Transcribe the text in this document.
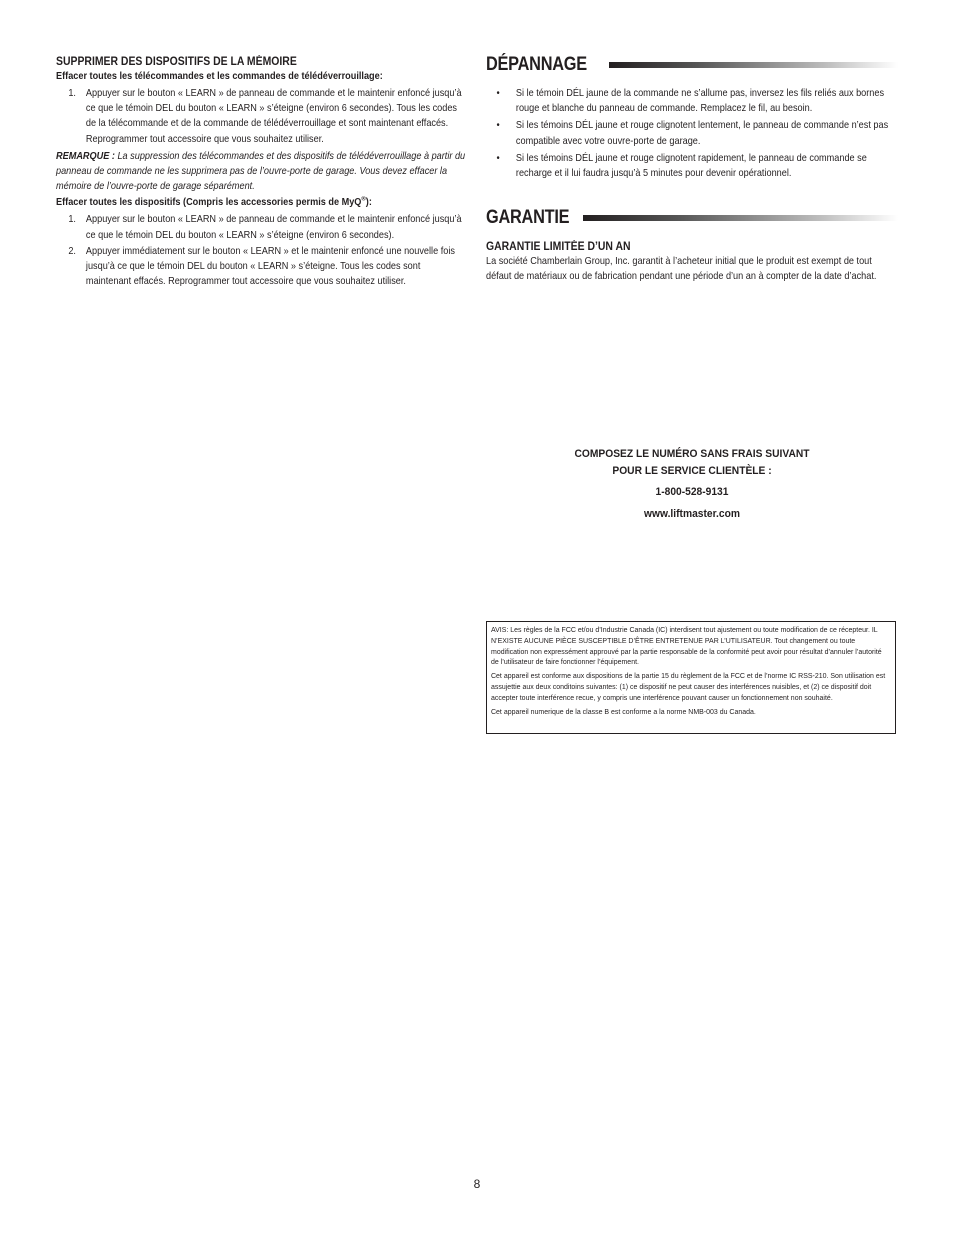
SUPPRIMER DES DISPOSITIFS DE LA MÉMOIRE

Effacer toutes les télécommandes et les commandes de télédéverrouillage:

1. Appuyer sur le bouton « LEARN » de panneau de commande et le maintenir enfoncé jusqu’à ce que le témoin DEL du bouton « LEARN » s’éteigne (environ 6 secondes). Tous les codes de la télécommande et de la commande de télédéverrouillage et sont maintenant effacés. Reprogrammer tout accessoire que vous souhaitez utiliser.

REMARQUE : La suppression des télécommandes et des dispositifs de télédéverrouillage à partir du panneau de commande ne les supprimera pas de l’ouvre-porte de garage. Vous devez effacer la mémoire de l’ouvre-porte de garage séparément.

Effacer toutes les dispositifs (Compris les accessories permis de MyQ®):

1. Appuyer sur le bouton « LEARN » de panneau de commande et le maintenir enfoncé jusqu’à ce que le témoin DEL du bouton « LEARN » s’éteigne (environ 6 secondes).
2. Appuyer immédiatement sur le bouton « LEARN » et le maintenir enfoncé une nouvelle fois jusqu’à ce que le témoin DEL du bouton « LEARN » s’éteigne. Tous les codes sont maintenant effacés. Reprogrammer tout accessoire que vous souhaitez utiliser.
DÉPANNAGE
• Si le témoin DÉL jaune de la commande ne s’allume pas, inversez les fils reliés aux bornes rouge et blanche du panneau de commande. Remplacez le fil, au besoin.
• Si les témoins DÉL jaune et rouge clignotent lentement, le panneau de commande n’est pas compatible avec votre ouvre-porte de garage.
• Si les témoins DÉL jaune et rouge clignotent rapidement, le panneau de commande se recharge et il lui faudra jusqu’à 5 minutes pour devenir opérationnel.
GARANTIE
GARANTIE LIMITÉE D’UN AN

La société Chamberlain Group, Inc. garantit à l’acheteur initial que le produit est exempt de tout défaut de matériaux ou de fabrication pendant une période d’un an à compter de la date d’achat.

COMPOSEZ LE NUMÉRO SANS FRAIS SUIVANT
POUR LE SERVICE CLIENTÈLE :
1-800-528-9131
www.liftmaster.com

AVIS: Les règles de la FCC et/ou d’Industrie Canada (IC) interdisent tout ajustement ou toute modification de ce récepteur. IL N’EXISTE AUCUNE PIÈCE SUSCEPTIBLE D’ÊTRE ENTRETENUE PAR L’UTILISATEUR. Tout changement ou toute modification non expressément approuvé par la partie responsable de la conformité peut avoir pour résultat d’annuler l’autorité de l’utilisateur de faire fonctionner l’équipement.

Cet appareil est conforme aux dispositions de la partie 15 du règlement de la FCC et de l’norme IC RSS-210. Son utilisation est assujettie aux deux conditoins suivantes: (1) ce dispositif ne peut causer des interférences nuisibles, et (2) ce dispositif doit accepter toute interférence recue, y compris une interférence pouvant causer un fonctionnement non souhaité.

Cet appareil numerique de la classe B est conforme a la norme NMB-003 du Canada.

8
